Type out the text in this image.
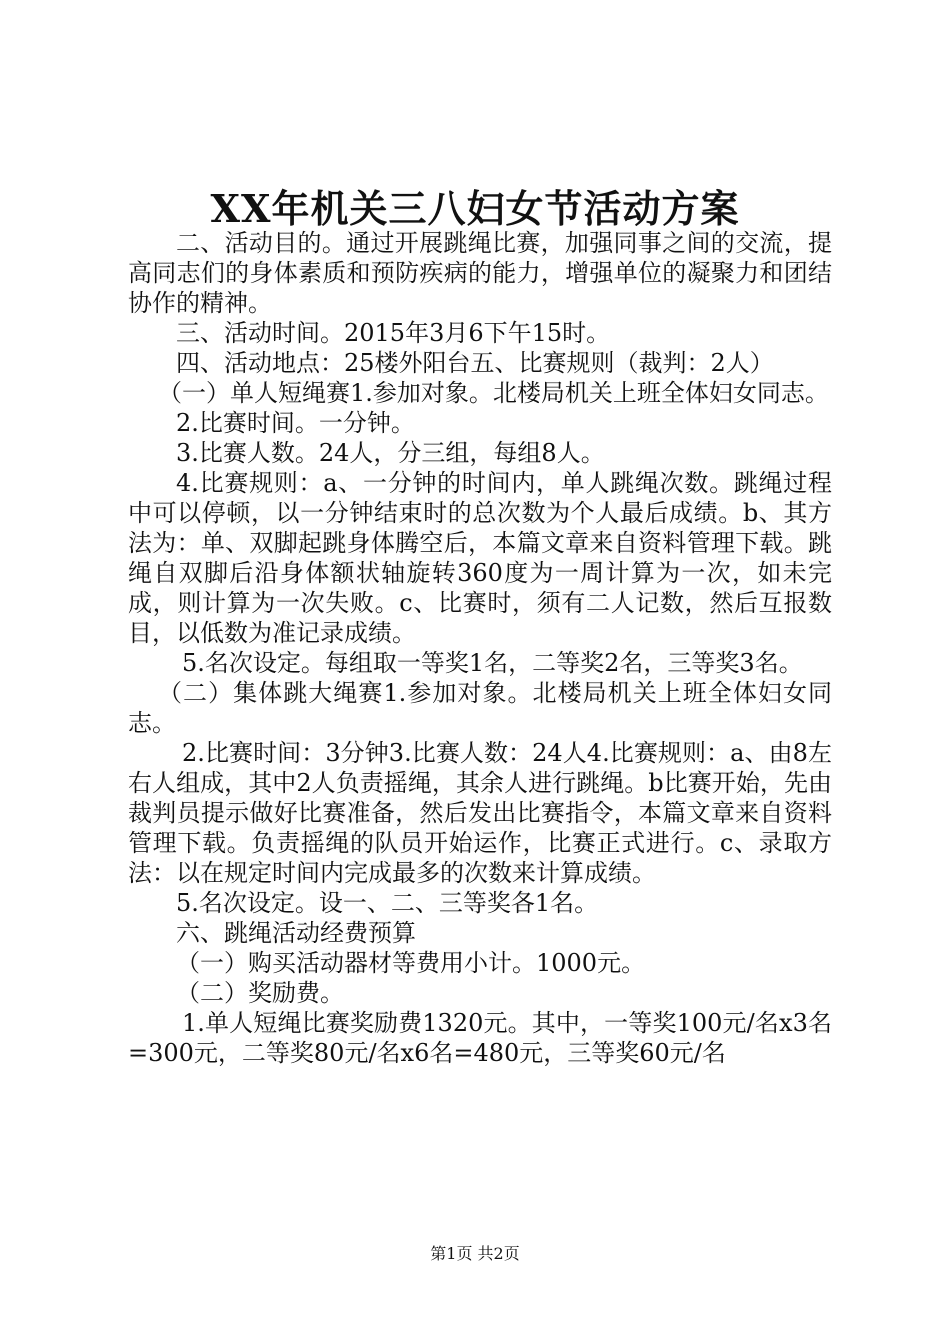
XX年机关三八妇女节活动方案

二、活动目的。通过开展跳绳比赛，加强同事之间的交流，提高同志们的身体素质和预防疾病的能力，增强单位的凝聚力和团结协作的精神。

三、活动时间。2015年3月6下午15时。

四、活动地点：25楼外阳台五、比赛规则（裁判：2人）

（一）单人短绳赛1.参加对象。北楼局机关上班全体妇女同志。

2.比赛时间。一分钟。

3.比赛人数。24人，分三组，每组8人。

4.比赛规则：a、一分钟的时间内，单人跳绳次数。跳绳过程中可以停顿，以一分钟结束时的总次数为个人最后成绩。b、其方法为：单、双脚起跳身体腾空后，本篇文章来自资料管理下载。跳绳自双脚后沿身体额状轴旋转360度为一周计算为一次，如未完成，则计算为一次失败。c、比赛时，须有二人记数，然后互报数目，以低数为准记录成绩。

5.名次设定。每组取一等奖1名，二等奖2名，三等奖3名。

（二）集体跳大绳赛1.参加对象。北楼局机关上班全体妇女同志。

2.比赛时间：3分钟3.比赛人数：24人4.比赛规则：a、由8左右人组成，其中2人负责摇绳，其余人进行跳绳。b比赛开始，先由裁判员提示做好比赛准备，然后发出比赛指令，本篇文章来自资料管理下载。负责摇绳的队员开始运作，比赛正式进行。c、录取方法：以在规定时间内完成最多的次数来计算成绩。

5.名次设定。设一、二、三等奖各1名。

六、跳绳活动经费预算

（一）购买活动器材等费用小计。1000元。

（二）奖励费。

1.单人短绳比赛奖励费1320元。其中，一等奖100元/名x3名=300元，二等奖80元/名x6名=480元，三等奖60元/名

第1页 共2页
